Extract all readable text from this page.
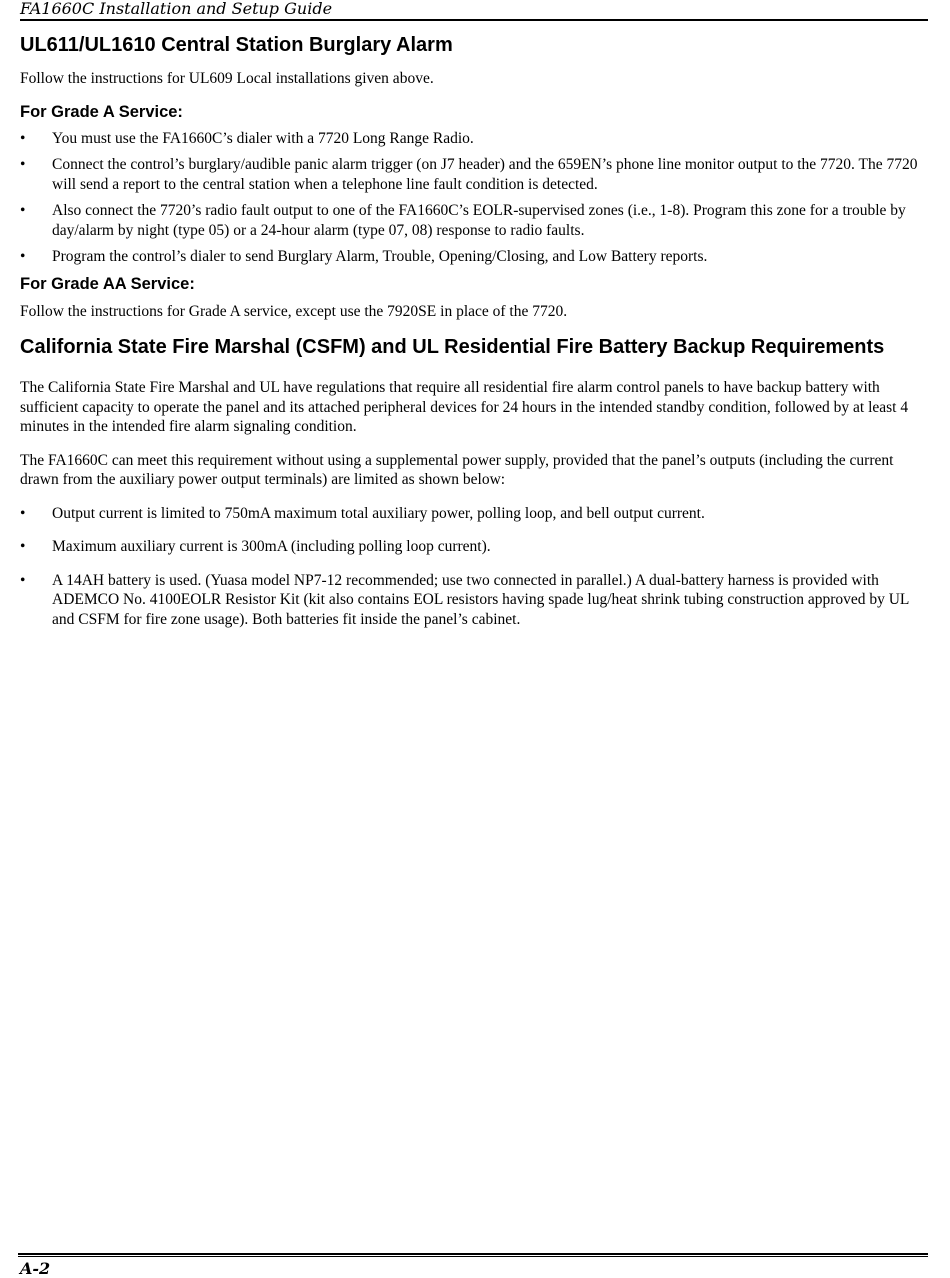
FA1660C Installation and Setup Guide
UL611/UL1610 Central Station Burglary Alarm

Follow the instructions for UL609 Local installations given above.

For Grade A Service:
• You must use the FA1660C’s dialer with a 7720 Long Range Radio.
• Connect the control’s burglary/audible panic alarm trigger (on J7 header) and the 659EN’s phone line monitor output to the 7720. The 7720 will send a report to the central station when a telephone line fault condition is detected.
• Also connect the 7720’s radio fault output to one of the FA1660C’s EOLR-supervised zones (i.e., 1-8). Program this zone for a trouble by day/alarm by night (type 05) or a 24-hour alarm (type 07, 08) response to radio faults.
• Program the control’s dialer to send Burglary Alarm, Trouble, Opening/Closing, and Low Battery reports.
For Grade AA Service:

Follow the instructions for Grade A service, except use the 7920SE in place of the 7720.

California State Fire Marshal (CSFM) and UL Residential Fire Battery Backup Requirements

The California State Fire Marshal and UL have regulations that require all residential fire alarm control panels to have backup battery with sufficient capacity to operate the panel and its attached peripheral devices for 24 hours in the intended standby condition, followed by at least 4 minutes in the intended fire alarm signaling condition.

The FA1660C can meet this requirement without using a supplemental power supply, provided that the panel’s outputs (including the current drawn from the auxiliary power output terminals) are limited as shown below:

• Output current is limited to 750mA maximum total auxiliary power, polling loop, and bell output current.
• Maximum auxiliary current is 300mA (including polling loop current).
• A 14AH battery is used. (Yuasa model NP7-12 recommended; use two connected in parallel.) A dual-battery harness is provided with ADEMCO No. 4100EOLR Resistor Kit (kit also contains EOL resistors having spade lug/heat shrink tubing construction approved by UL and CSFM for fire zone usage). Both batteries fit inside the panel’s cabinet.
A-2
